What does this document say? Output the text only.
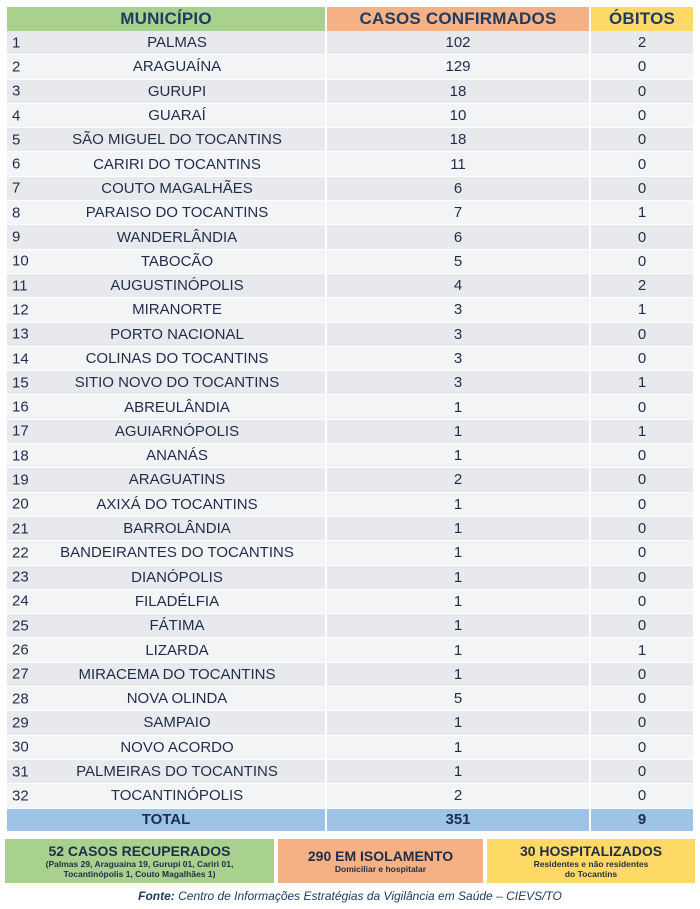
MUNICÍPIO	CASOS CONFIRMADOS	ÓBITOS

1 PALMAS	102	2

2 ARAGUAÍNA	129	0

3 GURUPI	18	0

4 GUARAÍ	10	0

5 SÃO MIGUEL DO TOCANTINS	18	0

6 CARIRI DO TOCANTINS	11	0

7 COUTO MAGALHÃES	6	0

8 PARAISO DO TOCANTINS	7	1

9 WANDERLÂNDIA	6	0

10 TABOCÃO	5	0

11 AUGUSTINÓPOLIS	4	2

12 MIRANORTE	3	1

13 PORTO NACIONAL	3	0

14 COLINAS DO TOCANTINS	3	0

15 SITIO NOVO DO TOCANTINS	3	1

16 ABREULÂNDIA	1	0

17 AGUIARNÓPOLIS	1	1

18 ANANÁS	1	0

19 ARAGUATINS	2	0

20 AXIXÁ DO TOCANTINS	1	0

21 BARROLÂNDIA	1	0

22 BANDEIRANTES DO TOCANTINS	1	0

23 DIANÓPOLIS	1	0

24 FILADÉLFIA	1	0

25 FÁTIMA	1	0

26 LIZARDA	1	1

27 MIRACEMA DO TOCANTINS	1	0

28 NOVA OLINDA	5	0

29 SAMPAIO	1	0

30 NOVO ACORDO	1	0

31 PALMEIRAS DO TOCANTINS	1	0

32 TOCANTINÓPOLIS	2	0
TOTAL	351	9
52 CASOS RECUPERADOS
(Palmas 29, Araguaína 19, Gurupi 01, Cariri 01,
Tocantinópolis 1, Couto Magalhães 1)
290 EM ISOLAMENTO
Domiciliar e hospitalar
30 HOSPITALIZADOS
Residentes e não residentes
do Tocantins
Fonte: Centro de Informações Estratégias da Vigilância em Saúde – CIEVS/TO
